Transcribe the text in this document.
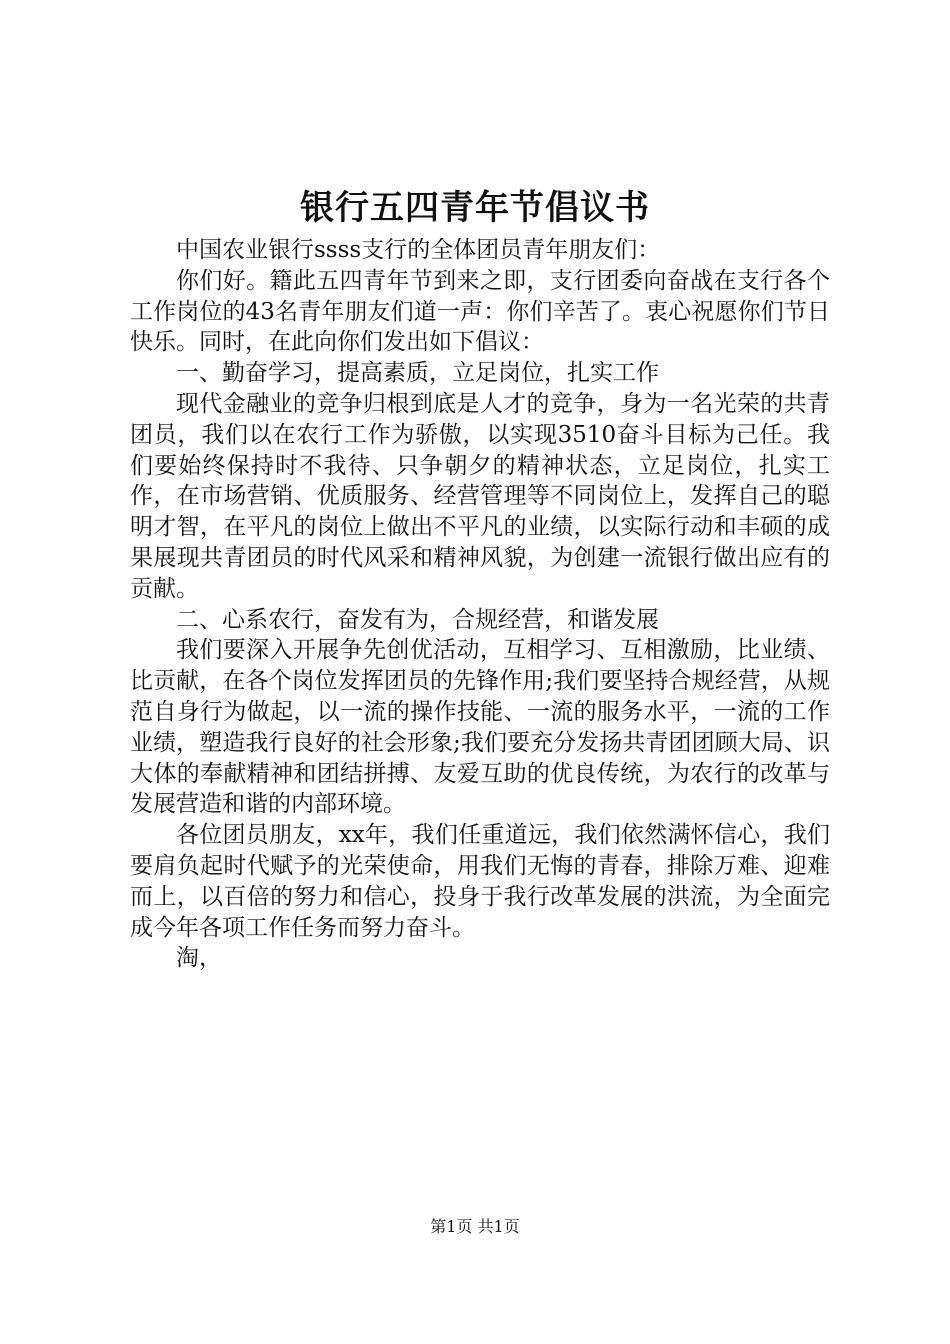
银行五四青年节倡议书

中国农业银行ssss支行的全体团员青年朋友们：

你们好。籍此五四青年节到来之即，支行团委向奋战在支行各个工作岗位的43名青年朋友们道一声：你们辛苦了。衷心祝愿你们节日快乐。同时，在此向你们发出如下倡议：

一、勤奋学习，提高素质，立足岗位，扎实工作

现代金融业的竞争归根到底是人才的竞争，身为一名光荣的共青团员，我们以在农行工作为骄傲，以实现3510奋斗目标为己任。我们要始终保持时不我待、只争朝夕的精神状态，立足岗位，扎实工作，在市场营销、优质服务、经营管理等不同岗位上，发挥自己的聪明才智，在平凡的岗位上做出不平凡的业绩，以实际行动和丰硕的成果展现共青团员的时代风采和精神风貌，为创建一流银行做出应有的贡献。

二、心系农行，奋发有为，合规经营，和谐发展

我们要深入开展争先创优活动，互相学习、互相激励，比业绩、比贡献，在各个岗位发挥团员的先锋作用;我们要坚持合规经营，从规范自身行为做起，以一流的操作技能、一流的服务水平，一流的工作业绩，塑造我行良好的社会形象;我们要充分发扬共青团团顾大局、识大体的奉献精神和团结拼搏、友爱互助的优良传统，为农行的改革与发展营造和谐的内部环境。

各位团员朋友，xx年，我们任重道远，我们依然满怀信心，我们要肩负起时代赋予的光荣使命，用我们无悔的青春，排除万难、迎难而上，以百倍的努力和信心，投身于我行改革发展的洪流，为全面完成今年各项工作任务而努力奋斗。

淘，

第1页 共1页
